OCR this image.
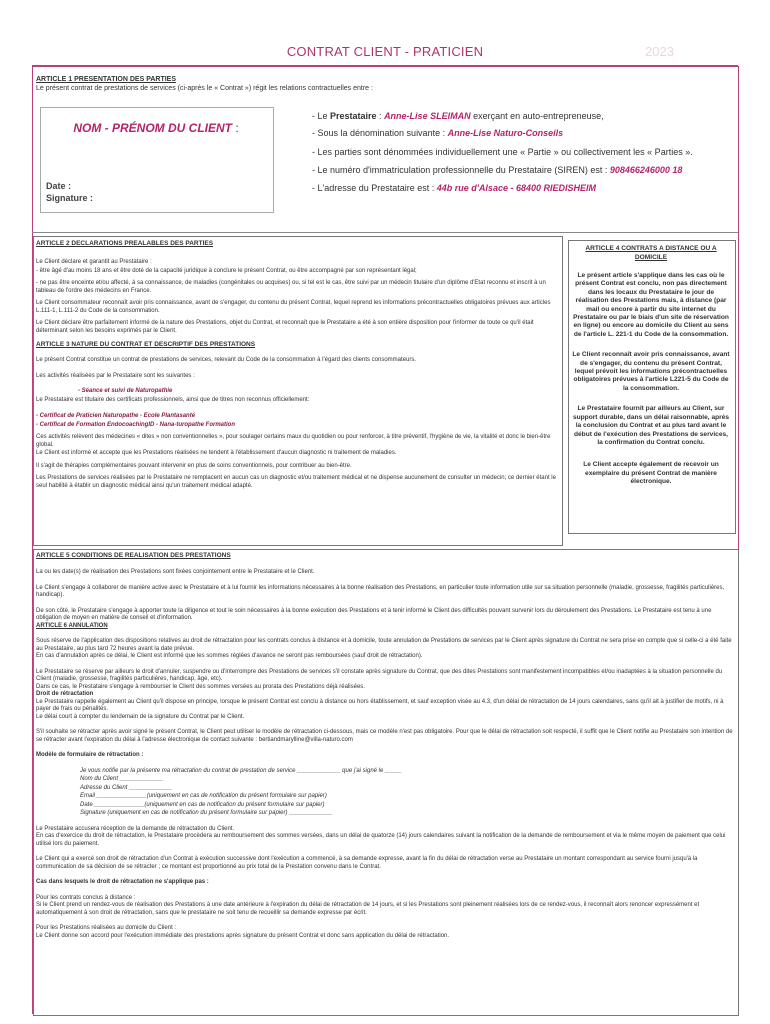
CONTRAT CLIENT - PRATICIEN	2023
ARTICLE 1 PRESENTATION DES PARTIES
Le présent contrat de prestations de services (ci-après le « Contrat ») régit les relations contractuelles entre :
NOM - PRÉNOM DU CLIENT :
Date :
Signature :
- Le Prestataire : Anne-Lise SLEIMAN exerçant en auto-entrepreneuse,
- Sous la dénomination suivante : Anne-Lise Naturo-Conseils
- Les parties sont dénommées individuellement une « Partie » ou collectivement les « Parties ».
- Le numéro d'immatriculation professionnelle du Prestataire (SIREN) est : 908466246000 18
- L'adresse du Prestataire est : 44b rue d'Alsace - 68400 RIEDISHEIM
ARTICLE 2 DECLARATIONS PREALABLES DES PARTIES

Le Client déclare et garantit au Prestataire :

- être âgé d'au moins 18 ans et être doté de la capacité juridique à conclure le présent Contrat, ou être accompagné par son représentant légal;

- ne pas être enceinte et/ou affecté, à sa connaissance, de maladies (congénitales ou acquises) ou, si tel est le cas, être suivi par un médecin titulaire d'un diplôme d'Etat reconnu et inscrit à un tableau de l'ordre des médecins en France.

Le Client consommateur reconnaît avoir pris connaissance, avant de s'engager, du contenu du présent Contrat, lequel reprend les informations précontractuelles obligatoires prévues aux articles L.111-1, L.111-2 du Code de la consommation.

Le Client déclare être parfaitement informé de la nature des Prestations, objet du Contrat, et reconnaît que le Prestataire a été à son entière disposition pour l'informer de toute ce qu'il était déterminant selon les besoins exprimés par le Client.

ARTICLE 3 NATURE DU CONTRAT ET DESCRIPTIF DES PRESTATIONS

Le présent Contrat constitue un contrat de prestations de services, relevant du Code de la consommation à l'égard des clients consommateurs.

Les activités réalisées par le Prestataire sont les suivantes :

- Séance et suivi de Naturopathie

Le Prestataire est titulaire des certificats professionnels, ainsi que de titres non reconnus officiellement:

- Certificat de Praticien Naturopathe - Ecole Plantasanté

- Certificat de Formation EndocoachingID - Nana-turopathe Formation

Ces activités relèvent des médecines « dites » non conventionnelles », pour soulager certains maux du quotidien ou pour renforcer, à titre préventif, l'hygiène de vie, la vitalité et donc le bien-être global.

Le Client est informé et accepte que les Prestations réalisées ne tendent à l'établissement d'aucun diagnostic ni traitement de maladies.

Il s'agit de thérapies complémentaires pouvant intervenir en plus de soins conventionnels, pour contribuer au bien-être.

Les Prestations de services réalisées par le Prestataire ne remplacent en aucun cas un diagnostic et/ou traitement médical et ne dispense aucunement de consulter un médecin; ce dernier étant le seul habilité à établir un diagnostic médical ainsi qu'un traitement médical adapté.

ARTICLE 4 CONTRATS A DISTANCE OU A DOMICILE

Le présent article s'applique dans les cas où le présent Contrat est conclu, non pas directement dans les locaux du Prestataire le jour de réalisation des Prestations mais, à distance (par mail ou encore à partir du site internet du Prestataire ou par le biais d'un site de réservation en ligne) ou encore au domicile du Client au sens de l'article L. 221-1 du Code de la consommation.

Le Client reconnaît avoir pris connaissance, avant de s'engager, du contenu du présent Contrat, lequel prévoit les informations précontractuelles obligatoires prévues à l'article L221-5 du Code de la consommation.

Le Prestataire fournit par ailleurs au Client, sur support durable, dans un délai raisonnable, après la conclusion du Contrat et au plus tard avant le début de l'exécution des Prestations de services, la confirmation du Contrat conclu.

Le Client accepte également de recevoir un exemplaire du présent Contrat de manière électronique.

ARTICLE 5 CONDITIONS DE REALISATION DES PRESTATIONS

La ou les date(s) de réalisation des Prestations sont fixées conjointement entre le Prestataire et le Client.

Le Client s'engage à collaborer de manière active avec le Prestataire et à lui fournir les informations nécessaires à la bonne réalisation des Prestations, en particulier toute information utile sur sa situation personnelle (maladie, grossesse, fragilités particulières, handicap).

De son côté, le Prestataire s'engage à apporter toute la diligence et tout le soin nécessaires à la bonne exécution des Prestations et à tenir informé le Client des difficultés pouvant survenir lors du déroulement des Prestations. Le Prestataire est tenu à une obligation de moyen en matière de conseil et d'information.

ARTICLE 6 ANNULATION

Sous réserve de l'application des dispositions relatives au droit de rétractation pour les contrats conclus à distance et à domicile, toute annulation de Prestations de services par le Client après signature du Contrat ne sera prise en compte que si celle-ci a été faite au Prestataire, au plus tard 72 heures avant la date prévue.

En cas d'annulation après ce délai, le Client est informé que les sommes réglées d'avance ne seront pas remboursées (sauf droit de rétractation).

Le Prestataire se réserve par ailleurs le droit d'annuler, suspendre ou d'interrompre des Prestations de services s'il constate après signature du Contrat, que des dites Prestations sont manifestement incompatibles et/ou inadaptées à la situation personnelle du Client (maladie, grossesse, fragilités particulières, handicap, âge, etc).

Dans ce cas, le Prestataire s'engage à rembourser le Client des sommes versées au prorata des Prestations déjà réalisées.

Droit de rétractation

Le Prestataire rappelle également au Client qu'il dispose en principe, lorsque le présent Contrat est conclu à distance ou hors établissement, et sauf exception visée au 4.3, d'un délai de rétractation de 14 jours calendaires, sans qu'il ait à justifier de motifs, ni à payer de frais ou pénalités.

Le délai court à compter du lendemain de la signature du Contrat par le Client.

S'il souhaite se rétracter après avoir signé le présent Contrat, le Client peut utiliser le modèle de rétractation ci-dessous, mais ce modèle n'est pas obligatoire. Pour que le délai de rétractation soit respecté, il suffit que le Client notifie au Prestataire son intention de se rétracter avant l'expiration du délai à l'adresse électronique de contact suivante : bertiandmarylline@villa-naturo.com

Modèle de formulaire de rétractation :

Je vous notifie par la présente ma rétractation du contrat de prestation de service _____________ que j'ai signé le _____

Nom du Client _____________

Adresse du Client _____________

Email _______________(uniquement en cas de notification du présent formulaire sur papier)

Date _______________(uniquement en cas de notification du présent formulaire sur papier)

Signature (uniquement en cas de notification du présent formulaire sur papier) _____________

Le Prestataire accusera réception de la demande de rétractation du Client.

En cas d'exercice du droit de rétractation, le Prestataire procèdera au remboursement des sommes versées, dans un délai de quatorze (14) jours calendaires suivant la notification de la demande de remboursement et via le même moyen de paiement que celui utilisé lors du paiement.

Le Client qui a exercé son droit de rétractation d'un Contrat à exécution successive dont l'exécution a commencé, à sa demande expresse, avant la fin du délai de rétractation verse au Prestataire un montant correspondant au service fourni jusqu'à la communication de sa décision de se rétracter ; ce montant est proportionné au prix total de la Prestation convenu dans le Contrat.

Cas dans lesquels le droit de rétractation ne s'applique pas :

Pour les contrats conclus à distance :

Si le Client prend un rendez-vous de réalisation des Prestations à une date antérieure à l'expiration du délai de rétractation de 14 jours, et si les Prestations sont pleinement réalisées lors de ce rendez-vous, il reconnaît alors renoncer expressément et automatiquement à son droit de rétractation, sans que le prestataire ne soit tenu de recueillir sa demande expresse par écrit.

Pour les Prestations réalisées au domicile du Client :

Le Client donne son accord pour l'exécution immédiate des prestations après signature du présent Contrat et donc sans application du délai de rétractation.
